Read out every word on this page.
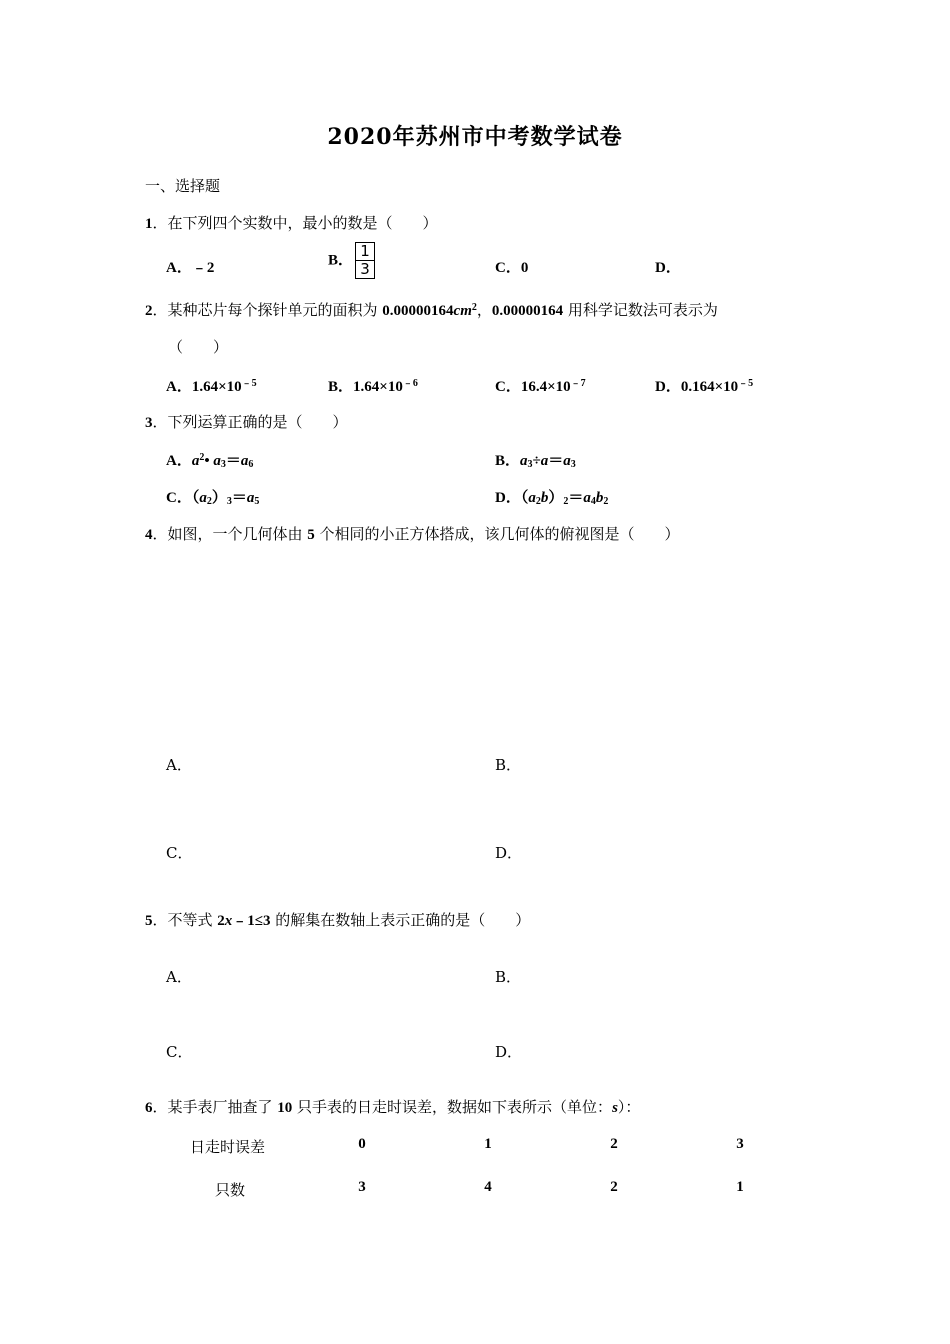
2020年苏州市中考数学试卷
一、选择题
1．在下列四个实数中，最小的数是（　　）
A．﹣2	B． $\frac{1}{3}$	C．0	D．
2．某种芯片每个探针单元的面积为 $0.00000164cm^2$，0.00000164 用科学记数法可表示为
（　　）
A．$1.64\times 10^{﹣5}$	B．$1.64\times 10^{﹣6}$	C．$16.4\times 10^{﹣7}$	D．$0.164\times 10^{﹣5}$
3．下列运算正确的是（　　）
A．$a^2•$ $a_3=a_6$	B．$a_3\div a=a_3$
C．$(a_2)_3=a_5$	D．$(a_2b)_2=a_4b_2$
4．如图，一个几何体由 5 个相同的小正方体搭成，该几何体的俯视图是（　　）
A．	B．
C．	D．
5．不等式 2x﹣1≤3 的解集在数轴上表示正确的是（　　）
A．	B．
C．	D．
6．某手表厂抽查了 10 只手表的日走时误差，数据如下表所示（单位：s）：
日走时误差	0	1	2	3
只数	3	4	2	1
